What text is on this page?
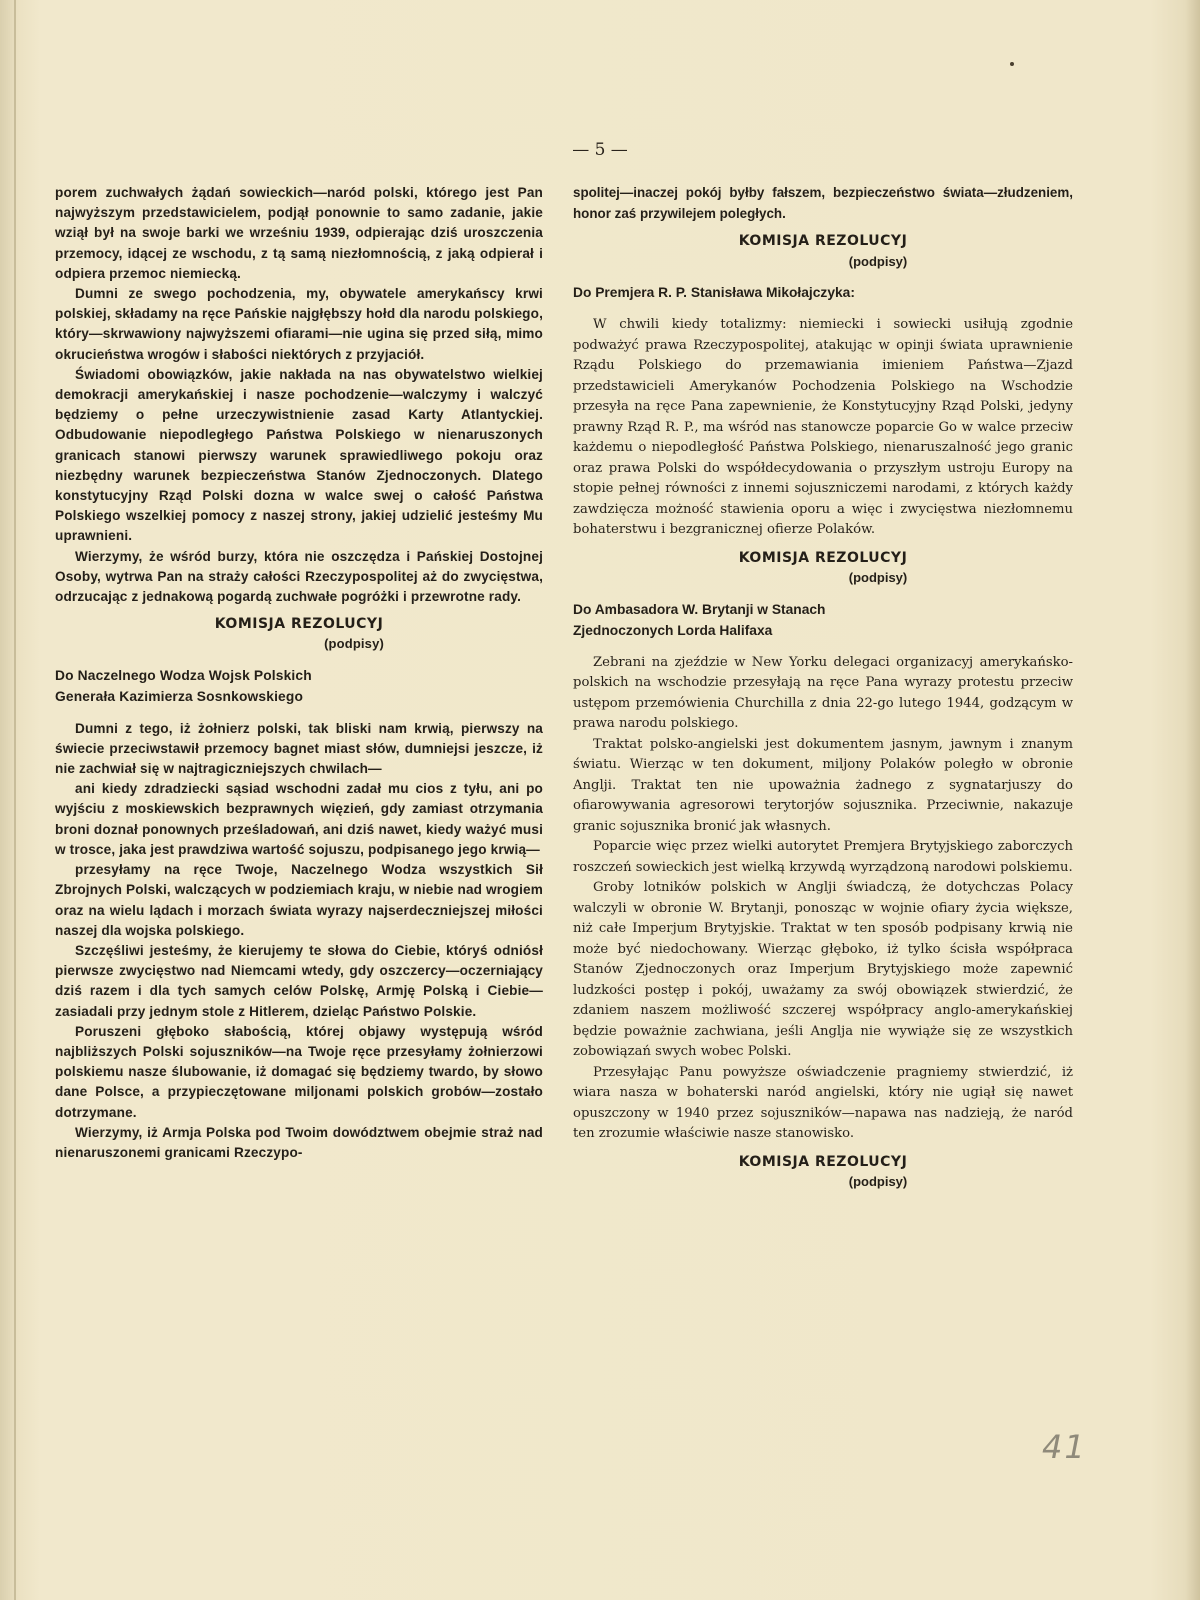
— 5 —

porem zuchwałych żądań sowieckich—naród polski, którego jest Pan najwyższym przedstawicielem, podjął ponownie to samo zadanie, jakie wziął był na swoje barki we wrześniu 1939, odpierając dziś uroszczenia przemocy, idącej ze wschodu, z tą samą niezłomnością, z jaką odpierał i odpiera przemoc niemiecką.

Dumni ze swego pochodzenia, my, obywatele amerykańscy krwi polskiej, składamy na ręce Pańskie najgłębszy hołd dla narodu polskiego, który—skrwawiony najwyższemi ofiarami—nie ugina się przed siłą, mimo okrucieństwa wrogów i słabości niektórych z przyjaciół.

Świadomi obowiązków, jakie nakłada na nas obywatelstwo wielkiej demokracji amerykańskiej i nasze pochodzenie—walczymy i walczyć będziemy o pełne urzeczywistnienie zasad Karty Atlantyckiej. Odbudowanie niepodległego Państwa Polskiego w nienaruszonych granicach stanowi pierwszy warunek sprawiedliwego pokoju oraz niezbędny warunek bezpieczeństwa Stanów Zjednoczonych. Dlatego konstytucyjny Rząd Polski dozna w walce swej o całość Państwa Polskiego wszelkiej pomocy z naszej strony, jakiej udzielić jesteśmy Mu uprawnieni.

Wierzymy, że wśród burzy, która nie oszczędza i Pańskiej Dostojnej Osoby, wytrwa Pan na straży całości Rzeczypospolitej aż do zwycięstwa, odrzucając z jednakową pogardą zuchwałe pogróżki i przewrotne rady.

KOMISJA REZOLUCYJ
(podpisy)
Do Naczelnego Wodza Wojsk Polskich
Generała Kazimierza Sosnkowskiego

Dumni z tego, iż żołnierz polski, tak bliski nam krwią, pierwszy na świecie przeciwstawił przemocy bagnet miast słów, dumniejsi jeszcze, iż nie zachwiał się w najtragiczniejszych chwilach—

ani kiedy zdradziecki sąsiad wschodni zadał mu cios z tyłu, ani po wyjściu z moskiewskich bezprawnych więzień, gdy zamiast otrzymania broni doznał ponownych prześladowań, ani dziś nawet, kiedy ważyć musi w trosce, jaka jest prawdziwa wartość sojuszu, podpisanego jego krwią—

przesyłamy na ręce Twoje, Naczelnego Wodza wszystkich Sił Zbrojnych Polski, walczących w podziemiach kraju, w niebie nad wrogiem oraz na wielu lądach i morzach świata wyrazy najserdeczniejszej miłości naszej dla wojska polskiego.

Szczęśliwi jesteśmy, że kierujemy te słowa do Ciebie, któryś odniósł pierwsze zwycięstwo nad Niemcami wtedy, gdy oszczercy—oczerniający dziś razem i dla tych samych celów Polskę, Armję Polską i Ciebie—zasiadali przy jednym stole z Hitlerem, dzieląc Państwo Polskie.

Poruszeni głęboko słabością, której objawy występują wśród najbliższych Polski sojuszników—na Twoje ręce przesyłamy żołnierzowi polskiemu nasze ślubowanie, iż domagać się będziemy twardo, by słowo dane Polsce, a przypieczętowane miljonami polskich grobów—zostało dotrzymane.

Wierzymy, iż Armja Polska pod Twoim dowództwem obejmie straż nad nienaruszonemi granicami Rzeczypo-

spolitej—inaczej pokój byłby fałszem, bezpieczeństwo świata—złudzeniem, honor zaś przywilejem poległych.

KOMISJA REZOLUCYJ
(podpisy)
Do Premjera R. P. Stanisława Mikołajczyka:

W chwili kiedy totalizmy: niemiecki i sowiecki usiłują zgodnie podważyć prawa Rzeczypospolitej, atakując w opinji świata uprawnienie Rządu Polskiego do przemawiania imieniem Państwa—Zjazd przedstawicieli Amerykanów Pochodzenia Polskiego na Wschodzie przesyła na ręce Pana zapewnienie, że Konstytucyjny Rząd Polski, jedyny prawny Rząd R. P., ma wśród nas stanowcze poparcie Go w walce przeciw każdemu o niepodległość Państwa Polskiego, nienaruszalność jego granic oraz prawa Polski do współdecydowania o przyszłym ustroju Europy na stopie pełnej równości z innemi sojuszniczemi narodami, z których każdy zawdzięcza możność stawienia oporu a więc i zwycięstwa niezłomnemu bohaterstwu i bezgranicznej ofierze Polaków.

KOMISJA REZOLUCYJ
(podpisy)
Do Ambasadora W. Brytanji w Stanach
Zjednoczonych Lorda Halifaxa

Zebrani na zjeździe w New Yorku delegaci organizacyj amerykańsko-polskich na wschodzie przesyłają na ręce Pana wyrazy protestu przeciw ustępom przemówienia Churchilla z dnia 22-go lutego 1944, godzącym w prawa narodu polskiego.

Traktat polsko-angielski jest dokumentem jasnym, jawnym i znanym światu. Wierząc w ten dokument, miljony Polaków poległo w obronie Anglji. Traktat ten nie upoważnia żadnego z sygnatarjuszy do ofiarowywania agresorowi terytorjów sojusznika. Przeciwnie, nakazuje granic sojusznika bronić jak własnych.

Poparcie więc przez wielki autorytet Premjera Brytyjskiego zaborczych roszczeń sowieckich jest wielką krzywdą wyrządzoną narodowi polskiemu.

Groby lotników polskich w Anglji świadczą, że dotychczas Polacy walczyli w obronie W. Brytanji, ponosząc w wojnie ofiary życia większe, niż całe Imperjum Brytyjskie. Traktat w ten sposób podpisany krwią nie może być niedochowany. Wierząc głęboko, iż tylko ścisła współpraca Stanów Zjednoczonych oraz Imperjum Brytyjskiego może zapewnić ludzkości postęp i pokój, uważamy za swój obowiązek stwierdzić, że zdaniem naszem możliwość szczerej współpracy anglo-amerykańskiej będzie poważnie zachwiana, jeśli Anglja nie wywiąże się ze wszystkich zobowiązań swych wobec Polski.

Przesyłając Panu powyższe oświadczenie pragniemy stwierdzić, iż wiara nasza w bohaterski naród angielski, który nie ugiął się nawet opuszczony w 1940 przez sojuszników—napawa nas nadzieją, że naród ten zrozumie właściwie nasze stanowisko.

KOMISJA REZOLUCYJ
(podpisy)
41
